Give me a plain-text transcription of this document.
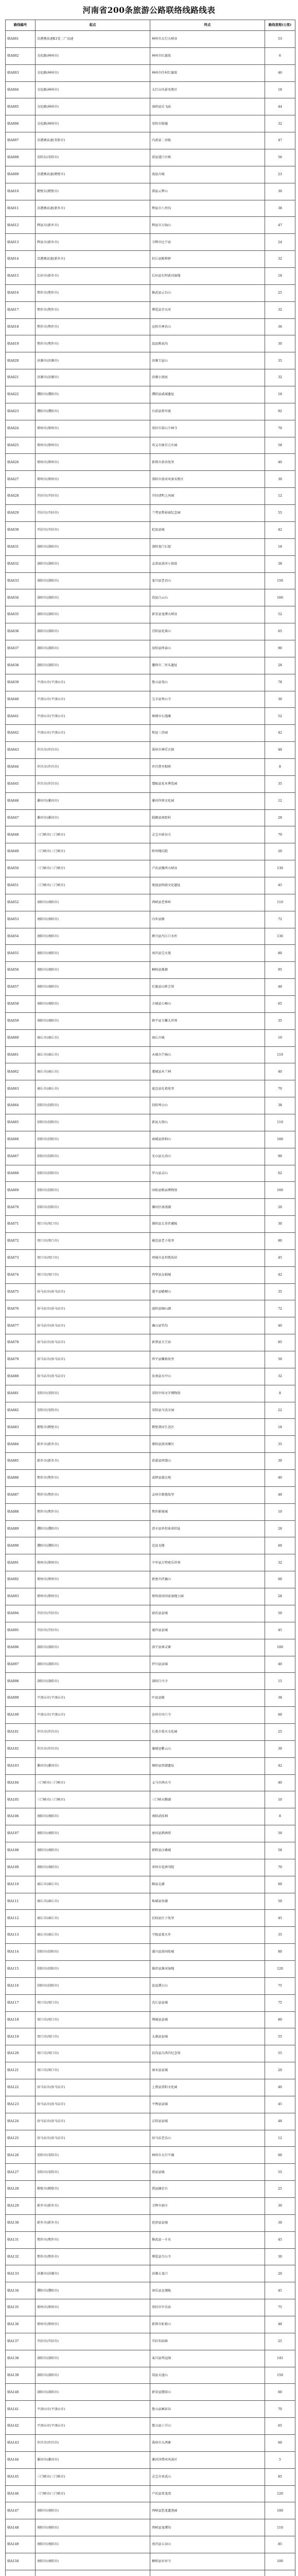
河南省200条旅游公路联络线路线表
路线编号	起点	终点	路线里程(公里)
联A001	京港澳高速K1处二广高速	林州市太行大峡谷	53
联A002	文化路(林州市)	林州市红旗渠	6
联A003	文化路(林州市)	林州市任村红旗渠	46
联A004	文化路(林州市)	太行山风景名胜区	18
联A005	文化路(林州市)	汤阴县岳飞庙	44
联A006	文化路(林州市)	安阳市殷墟	32
联A007	京港澳高速(安阳市)	内黄县二帝陵	47
联A008	安阳东(安阳市)	滑县道口古镇	56
联A009	京港澳高速(鹤壁市)	浚县古城	23
联A010	鹤壁东(鹤壁市)	淇县云梦山	30
联A011	京港澳高速(新乡市)	辉县市八里沟	38
联A012	辉县市(新乡市)	辉县市万仙山	47
联A013	辉县市(新乡市)	卫辉市比干庙	24
联A014	京港澳高速(新乡市)	封丘县陈桥驿	32
联A015	长垣市(新乡市)	长垣县东明黄河湿地	18
联A016	焦作市(焦作市)	修武县云台山	25
联A017	焦作市(焦作市)	博爱县青天河	32
联A018	焦作市(焦作市)	沁阳市神农山	36
联A019	焦作市(焦作市)	温县陈家沟	30
联A020	济源市(济源市)	济源王屋山	35
联A021	济源市(济源市)	济源小浪底	32
联A022	濮阳市(濮阳市)	濮阳县戚城遗址	18
联A023	濮阳市(濮阳市)	台前县将军渡	92
联A024	郑州市(郑州市)	登封市嵩山少林寺	70
联A025	郑州市(郑州市)	巩义市康百万庄园	58
联A026	郑州市(郑州市)	新郑市黄帝故里	40
联A027	郑州市(郑州市)	荥阳市黄河风景名胜区	30
联A028	开封市(开封市)	开封清明上河园	12
联A029	开封市(开封市)	兰考县焦裕禄纪念园	55
联A030	开封市(开封市)	杞县县城	42
联A031	洛阳市(洛阳市)	洛阳龙门石窟	18
联A032	洛阳市(洛阳市)	孟津县黄河小浪底	38
联A033	洛阳市(洛阳市)	栾川县老君山	150
联A034	洛阳市(洛阳市)	嵩县白云山	160
联A035	洛阳市(洛阳市)	新安县龙潭大峡谷	52
联A036	洛阳市(洛阳市)	宜阳县花果山	65
联A037	洛阳市(洛阳市)	汝阳县西泰山	90
联A038	洛阳市(洛阳市)	偃师市二里头遗址	28
联A039	平顶山市(平顶山市)	鲁山县尧山	78
联A040	平顶山市(平顶山市)	宝丰县香山寺	30
联A041	平顶山市(平顶山市)	舞钢市石漫滩	52
联A042	平顶山市(平顶山市)	郏县三苏园	42
联A043	许昌市(许昌市)	禹州市神垕古镇	48
联A044	许昌市(许昌市)	许昌曹丞相府	8
联A045	许昌市(许昌市)	鄢陵县花木博览园	35
联A046	漯河市(漯河市)	漯河许慎文化园	12
联A047	漯河市(漯河市)	临颍县南街村	28
联A048	三门峡市(三门峡市)	灵宝市函谷关	70
联A049	三门峡市(三门峡市)	陕州地坑院	20
联A050	三门峡市(三门峡市)	卢氏县豫西大峡谷	130
联A051	三门峡市(三门峡市)	渑池县仰韶文化遗址	45
联A052	南阳市(南阳市)	西峡县老界岭	110
联A053	南阳市(南阳市)	内乡县衙	72
联A054	南阳市(南阳市)	淅川县丹江口水库	130
联A055	南阳市(南阳市)	南召县宝天曼	80
联A056	南阳市(南阳市)	桐柏县淮源	95
联A057	南阳市(南阳市)	社旗县山陕会馆	48
联A058	南阳市(南阳市)	方城县七峰山	65
联A059	南阳市(南阳市)	镇平县玉雕大世界	35
联A060	商丘市(商丘市)	商丘古城	10
联A061	商丘市(商丘市)	永城市芒砀山	110
联A062	商丘市(商丘市)	虞城县木兰祠	40
联A063	商丘市(商丘市)	夏邑县孔祖故里	70
联A064	信阳市(信阳市)	信阳鸡公山	38
联A065	信阳市(信阳市)	新县大别山	110
联A066	信阳市(信阳市)	商城县黄柏山	160
联A067	信阳市(信阳市)	光山县大苏山	90
联A068	信阳市(信阳市)	罗山县灵山	62
联A069	信阳市(信阳市)	固始县根亲博物馆	160
联A070	信阳市(信阳市)	浉河区南湾湖	20
联A071	周口市(周口市)	淮阳县太昊伏羲陵	30
联A072	周口市(周口市)	鹿邑县老子故里	80
联A073	周口市(周口市)	项城市袁世凯故居	45
联A074	周口市(周口市)	西华县女娲城	42
联A075	驻马店市(驻马店市)	遂平县嵖岈山	35
联A076	驻马店市(驻马店市)	泌阳县铜山湖	72
联A077	驻马店市(驻马店市)	确山县竹沟	40
联A078	驻马店市(驻马店市)	新蔡县关王庙	85
联A079	驻马店市(驻马店市)	西平县嫘祖故里	50
联A080	驻马店市(驻马店市)	汝南县天中山	32
联A081	安阳市(安阳市)	安阳中国文字博物馆	8
联A082	安阳市(安阳市)	安阳县马氏庄园	22
联A083	鹤壁市(鹤壁市)	鹤壁淇河生态区	18
联A084	新乡市(新乡市)	原阳县黄河滩区	35
联A085	新乡市(新乡市)	获嘉县同盟山	30
联A086	焦作市(焦作市)	武陟县嘉应观	40
联A087	焦作市(焦作市)	孟州市韩愈故里	48
联A088	焦作市(焦作市)	焦作影视城	10
联A089	濮阳市(濮阳市)	清丰县单拐革命旧址	28
联A090	濮阳市(濮阳市)	范县毛楼	60
联A091	郑州市(郑州市)	中牟县方特欢乐世界	32
联A092	郑州市(郑州市)	新密市伏羲山	60
联A093	郑州市(郑州市)	郑州黄河国家湿地公园	28
联A094	开封市(开封市)	尉氏县县城	50
联A095	开封市(开封市)	通许县县城	45
联A096	洛阳市(洛阳市)	洛宁县神灵寨	100
联A097	洛阳市(洛阳市)	伊川县县城	40
联A098	洛阳市(洛阳市)	洛阳白马寺	15
联A099	平顶山市(平顶山市)	叶县县衙	38
联A100	平顶山市(平顶山市)	汝州市风穴寺	60
联A101	许昌市(许昌市)	长葛市葛天文化园	25
联A102	许昌市(许昌市)	襄城县紫云山	30
联A103	漯河市(漯河市)	舞阳县贾湖遗址	42
联A104	三门峡市(三门峡市)	义马市鸿庆寺	40
联A105	三门峡市(三门峡市)	三门峡天鹅湖	10
联A106	南阳市(南阳市)	南阳武侯祠	8
联A107	南阳市(南阳市)	唐河县泗洲塔	50
联A108	南阳市(南阳市)	新野县汉桑城	58
联A109	南阳市(南阳市)	邓州市花洲书院	70
联A110	商丘市(商丘市)	睢县北湖	60
联A111	商丘市(商丘市)	柘城县容湖	50
联A112	商丘市(商丘市)	民权县庄子故里	45
联A113	商丘市(商丘市)	宁陵县葛天乡	35
联A114	信阳市(信阳市)	潢川县黄国故城	80
联A115	信阳市(信阳市)	淮滨县淮河湿地	120
联A116	信阳市(信阳市)	息县濮公山	75
联A117	周口市(周口市)	沈丘县县城	75
联A118	周口市(周口市)	郸城县县城	80
联A119	周口市(周口市)	太康县县城	55
联A120	周口市(周口市)	扶沟县吉鸿昌纪念馆	55
联A121	周口市(周口市)	商水县县城	20
联A122	驻马店市(驻马店市)	上蔡县重阳文化园	40
联A123	驻马店市(驻马店市)	平舆县县城	45
联A124	驻马店市(驻马店市)	正阳县县城	48
联A125	驻马店市(驻马店市)	驻马店老乐山	12
联A126	安阳市(安阳市)	林州市太行平湖	60
联A127	安阳市(安阳市)	滑县县城	55
联A128	鹤壁市(鹤壁市)	淇县摘星台	25
联A129	新乡市(新乡市)	卫辉市唐庄	30
联A130	新乡市(新乡市)	延津县县城	30
联A131	焦作市(焦作市)	修武县一斗水	45
联A132	焦作市(焦作市)	博爱县月山寺	30
联A133	济源市(济源市)	济源五龙口	20
联A134	濮阳市(濮阳市)	南乐县仓颉陵	45
联A135	郑州市(郑州市)	登封市中岳庙	75
联A136	郑州市(郑州市)	新郑市始祖山	48
联A137	开封市(开封市)	开封朱仙镇	25
联A138	洛阳市(洛阳市)	栾川县鸡冠洞	145
联A139	洛阳市(洛阳市)	嵩县天池山	150
联A140	洛阳市(洛阳市)	新安县黛眉山	60
联A141	平顶山市(平顶山市)	鲁山县画眉谷	70
联A142	平顶山市(平顶山市)	鲁山县六羊山	65
联A143	许昌市(许昌市)	禹州市大鸿寨	60
联A144	漯河市(漯河市)	漯河沙澧河风景区	5
联A145	三门峡市(三门峡市)	灵宝市亚武山	85
联A146	三门峡市(三门峡市)	卢氏县双龙湾	120
联A147	南阳市(南阳市)	西峡县恐龙遗迹园	100
联A148	南阳市(南阳市)	西峡县龙潭沟	110
联A149	南阳市(南阳市)	南召县五朵山	85
联A150	南阳市(南阳市)	桐柏县水帘寺	100
